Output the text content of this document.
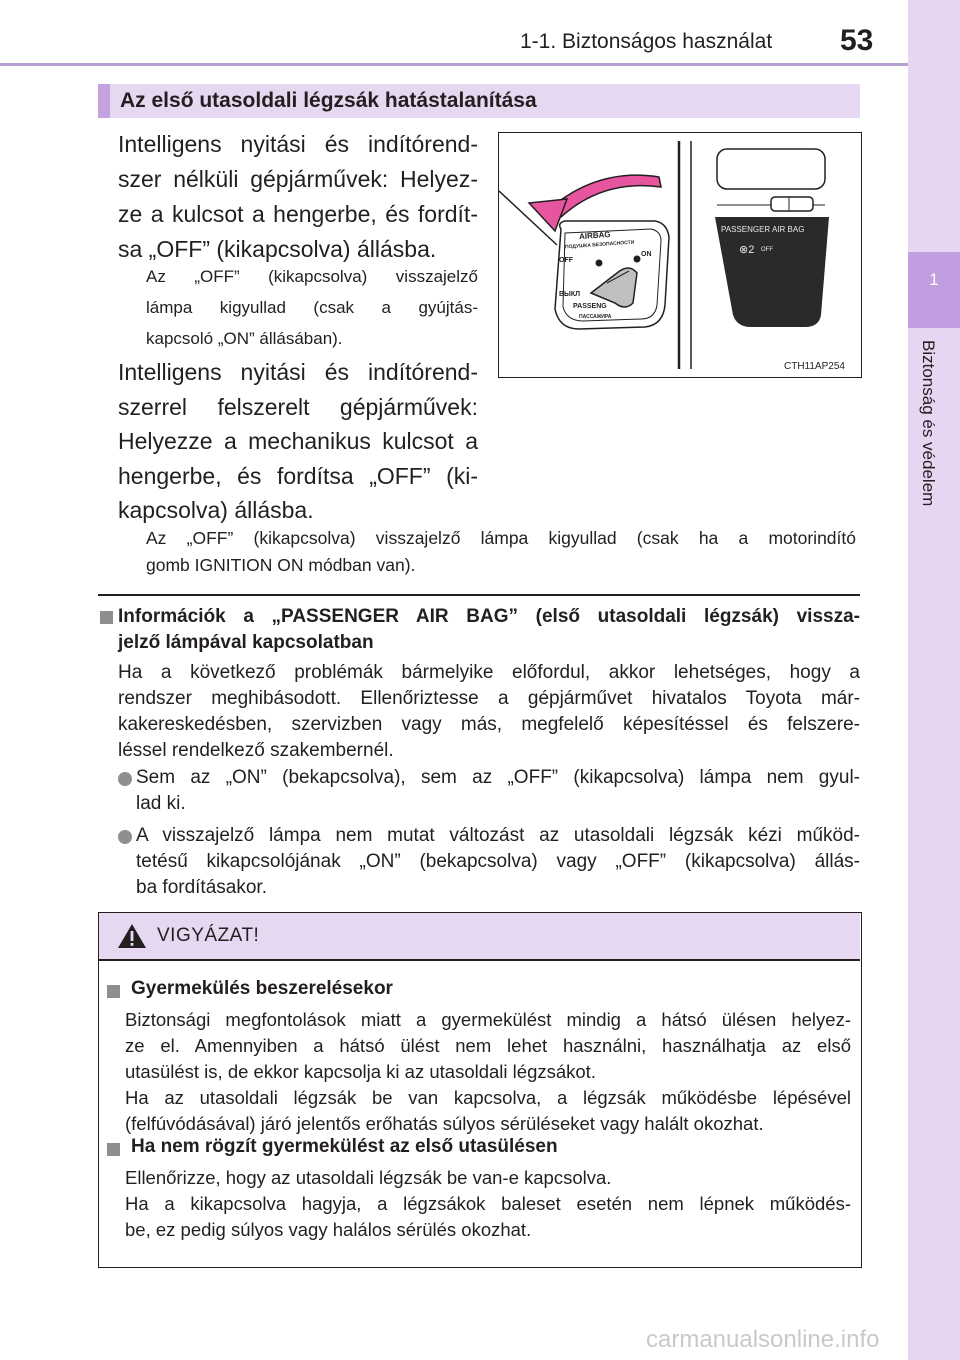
1-1. Biztonságos használat 53
1
Biztonság és védelem
Az első utasoldali légzsák hatástalanítása
Intelligens nyitási és indítórend-
szer nélküli gépjárművek: Helyez-
ze a kulcsot a hengerbe, és fordít-
sa „OFF” (kikapcsolva) állásba.
Az „OFF” (kikapcsolva) visszajelző
lámpa kigyullad (csak a gyújtás-
kapcsoló „ON” állásában).
Intelligens nyitási és indítórend-
szerrel felszerelt gépjárművek:
Helyezze a mechanikus kulcsot a
hengerbe, és fordítsa „OFF” (ki-
kapcsolva) állásba.
Az „OFF” (kikapcsolva) visszajelző lámpa kigyullad (csak ha a motorindító
gomb IGNITION ON módban van).
AIRBAG
ПОДУШКА БЕЗОПАСНОСТИ
OFF
ON
ВЫКЛ
PASSENG
ПАССАЖИРА
PASSENGER AIR BAG
⊗2 OFF
CTH11AP254
Információk a „PASSENGER AIR BAG” (első utasoldali légzsák) vissza-
jelző lámpával kapcsolatban
Ha a következő problémák bármelyike előfordul, akkor lehetséges, hogy a
rendszer meghibásodott. Ellenőriztesse a gépjárművet hivatalos Toyota már-
kakereskedésben, szervizben vagy más, megfelelő képesítéssel és felszere-
léssel rendelkező szakembernél.
Sem az „ON” (bekapcsolva), sem az „OFF” (kikapcsolva) lámpa nem gyul-
lad ki.
A visszajelző lámpa nem mutat változást az utasoldali légzsák kézi működ-
tetésű kikapcsolójának „ON” (bekapcsolva) vagy „OFF” (kikapcsolva) állás-
ba fordításakor.
VIGYÁZAT!
Gyermekülés beszerelésekor
Biztonsági megfontolások miatt a gyermekülést mindig a hátsó ülésen helyez-
ze el. Amennyiben a hátsó ülést nem lehet használni, használhatja az első
utasülést is, de ekkor kapcsolja ki az utasoldali légzsákot.
Ha az utasoldali légzsák be van kapcsolva, a légzsák működésbe lépésével
(felfúvódásával) járó jelentős erőhatás súlyos sérüléseket vagy halált okozhat.
Ha nem rögzít gyermekülést az első utasülésen
Ellenőrizze, hogy az utasoldali légzsák be van-e kapcsolva.
Ha a kikapcsolva hagyja, a légzsákok baleset esetén nem lépnek működés-
be, ez pedig súlyos vagy halálos sérülés okozhat.
carmanualsonline.info
